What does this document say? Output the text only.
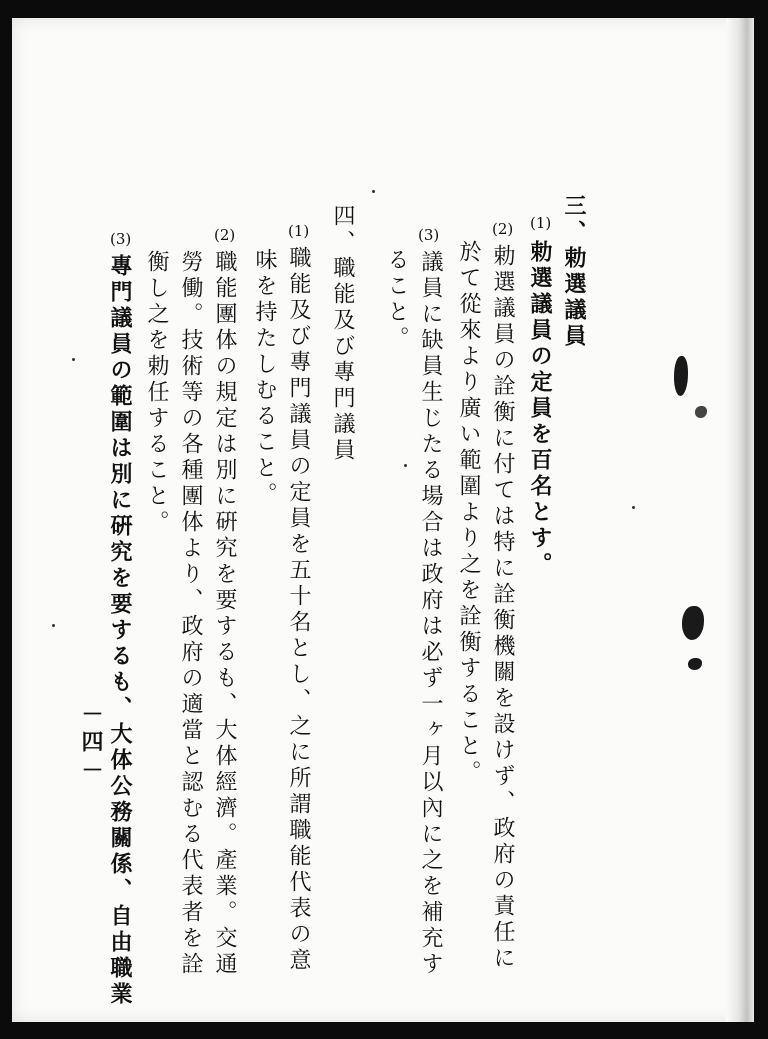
三、勅選議員
(1)
勅選議員の定員を百名とす。
(2)
勅選議員の詮衡に付ては特に詮衡機關を設けず、政府の責任に
於て從來より廣い範圍より之を詮衡すること。
(3)
議員に缺員生じたる場合は政府は必ず一ヶ月以內に之を補充す
ること。
四、職能及び專門議員
(1)
職能及び專門議員の定員を五十名とし、之に所謂職能代表の意
味を持たしむること。
(2)
職能團体の規定は別に硏究を要するも、大体經濟。產業。交通
勞働。技術等の各種團体より、政府の適當と認むる代表者を詮
衡し之を勅任すること。
(3)
專門議員の範圍は別に硏究を要するも、大体公務關係、自由職業
－四－
